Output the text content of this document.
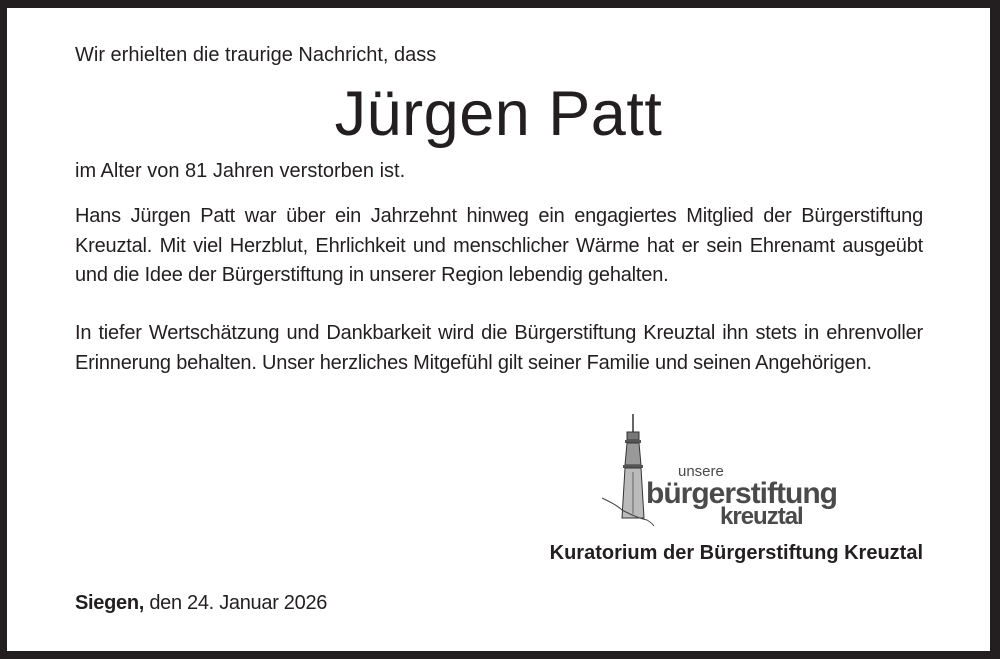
Wir erhielten die traurige Nachricht, dass
Jürgen Patt
im Alter von 81 Jahren verstorben ist.
Hans Jürgen Patt war über ein Jahrzehnt hinweg ein engagiertes Mitglied der Bürgerstiftung Kreuztal. Mit viel Herzblut, Ehrlichkeit und menschlicher Wärme hat er sein Ehrenamt ausgeübt und die Idee der Bürgerstiftung in unserer Region lebendig gehalten.
In tiefer Wertschätzung und Dankbarkeit wird die Bürgerstiftung Kreuztal ihn stets in ehrenvoller Erinnerung behalten. Unser herzliches Mitgefühl gilt seiner Familie und seinen Angehörigen.
unsere
bürgerstiftung
kreuztal
Kuratorium der Bürgerstiftung Kreuztal
Siegen, den 24. Januar 2026
